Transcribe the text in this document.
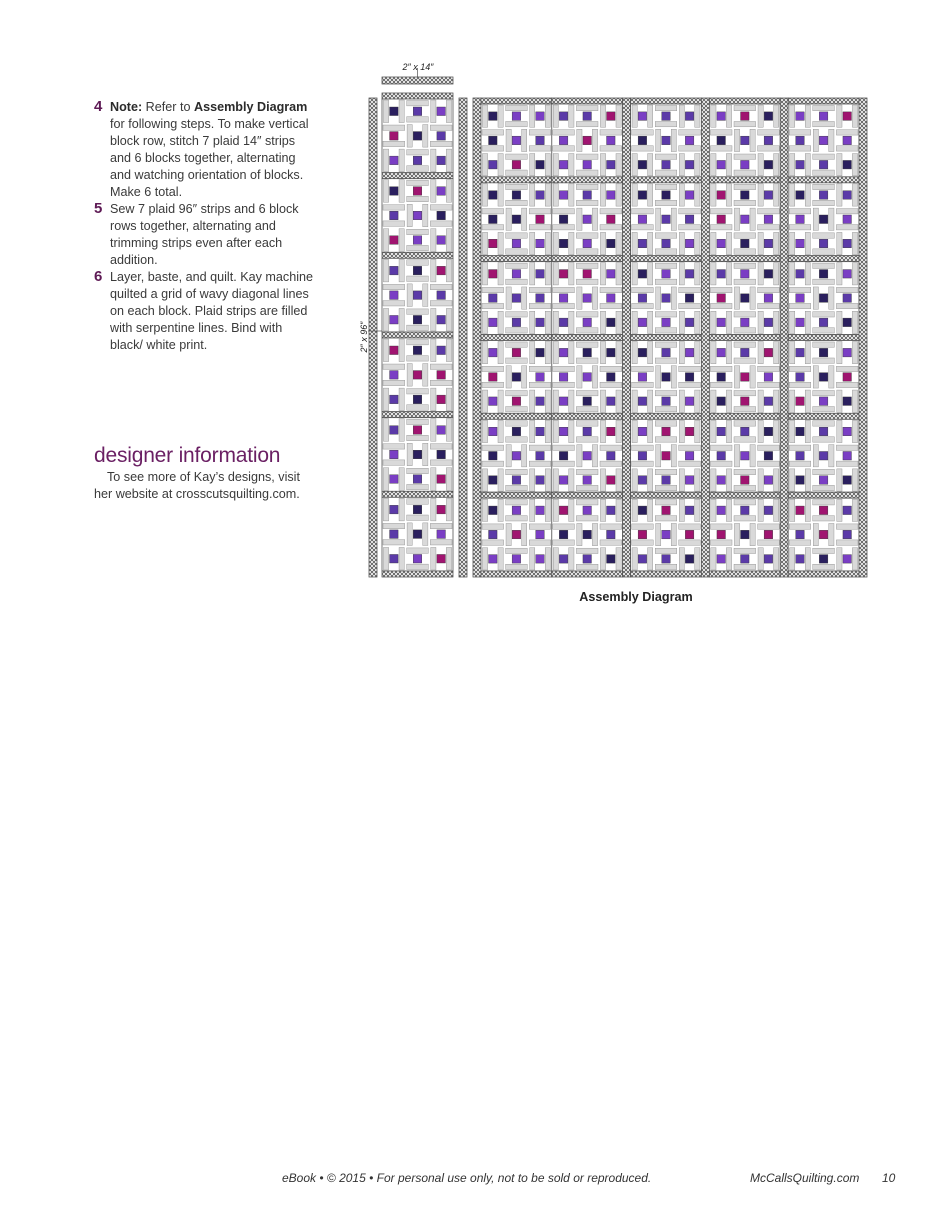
4 Note: Refer to Assembly Diagram for following steps. To make vertical block row, stitch 7 plaid 14″ strips and 6 blocks together, alternating and watching orientation of blocks. Make 6 total.
5 Sew 7 plaid 96″ strips and 6 block rows together, alternating and trimming strips even after each addition.
6 Layer, baste, and quilt. Kay machine quilted a grid of wavy diagonal lines on each block. Plaid strips are filled with serpentine lines. Bind with black/ white print.
designer information
To see more of Kay’s designs, visit her website at crosscutsquilting.com.
2″ x 14″
2″ x 96″
Assembly Diagram
eBook • © 2015 • For personal use only, not to be sold or reproduced.	McCallsQuilting.com 10
